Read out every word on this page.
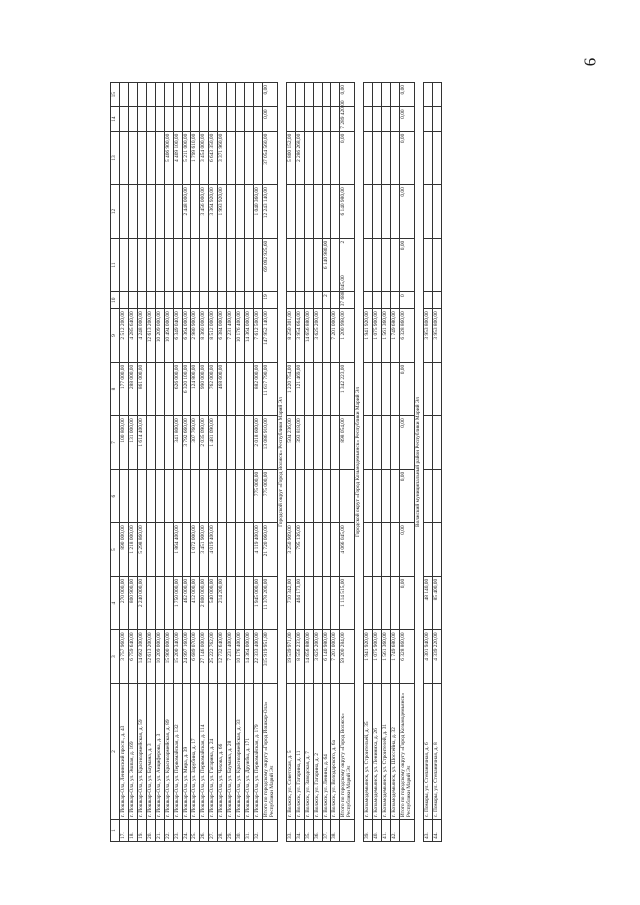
9
1	2	3	4	5	6	7	8	9	10	11	12	13	14	15
17.	г. Йошкар-Ола, Ленинский просп., д. 43	3 757 960,00	270 000,00	890 000,00		100 800,00	177 000,00	2 512 200,00						
18.	г. Йошкар-Ола, ул. Эшпая, д. 169	6 759 640,00	800 900,00	1 218 000,00		131 000,00	288 000,00	4 285 640,00						
19.	г. Йошкар-Ола, ул. Красноармейская, д. 59	14 662 300,00	2 240 000,00	5 298 860,00		1 614 400,00	861 000,00	4 248 000,00						
20.	г. Йошкар-Ола, ул. Баумана, д. 3	12 613 200,00						12 613 200,00						
21.	г. Йошкар-Ола, ул. Анциферова, д. 3	10 209 000,00						10 209 000,00						
22.	г. Йошкар-Ола, ул. Красноармейская, д. 89	15 900 000,00						10 494 000,00				5 406 900,00		
23.	г. Йошкар-Ола, ул. Первомайская, д. 132	15 200 340,00	1 750 000,00	1 864 400,00		341 800,00	626 000,00	6 349 040,00				4 409 100,00		
24.	г. Йошкар-Ола, ул. Мира, д. 39	24 997 160,00	462 000,00			3 792 660,00	6 320 100,00	6 364 000,00			2 448 000,00	5 211 000,00		
25.	г. Йошкар-Ола, ул. Зарубина, д. 17	6 689 070,00	412 000,00	1 072 000,00		307 760,00	124 800,00	2 980 900,00				1 799 610,00		
26.	г. Йошкар-Ола, ул. Первомайская, д. 114	27 146 000,00	2 800 000,00	3 451 900,00		2 035 090,00	990 000,00	8 360 000,00			3 456 000,00	3 454 000,00		
27.	г. Йошкар-Ола, ул. Гагарина, д. 24	25 222 762,00	540 000,00	4 019 400,00		1 481 090,00	762 000,00	8 512 000,00			3 364 920,00	6 643 350,00		
28.	г. Йошкар-Ола, ул. Чехова, д. 66	12 732 640,00	214 200,00				468 600,00	6 384 000,00			1 993 920,00	3 371 960,00		
29.	г. Йошкар-Ола, ул. Баумана, д. 28	7 231 400,00						7 231 400,00						
30.	г. Йошкар-Ола, ул. Красноармейская, д. 33	10 176 400,00						10 176 400,00						
31.	г. Йошкар-Ола, ул. Дружбы, д. 171	14 364 000,00						14 364 000,00						
32.	г. Йошкар-Ола, ул. Первомайская, д. 179	22 333 400,00	1 945 000,00	4 119 400,00	775 000,00	2 018 600,00	882 000,00	7 612 500,00			1 040 360,00			
	Итого по городскому округу «Город Йошкар-Ола» Республики Марий Эл	315 919 951,80	11 378 200,00	21 720 060,00	775 000,00	13 086 910,00	11 617 790,00	147 952 140,00	19	69 092 925,60	12 243 140,00	37 054 560,00	0,00	0,00
Городской округ «Город Волжск» Республики Марий Эл														
33.	г. Волжск, ул. Советская, д. 5	19 539 971,00	710 342,00	3 250 909,00		504 236,00	1 220 754,00	8 250 301,00				5 800 152,00		
34.	г. Волжск, ул. Гагарина, д. 11	8 556 233,00	404 173,00	795 136,00		393 818,00	121 469,00	3 954 664,00				2 286 268,00		
35.	г. Волжск, ул. Заводская, д. 7	14 656 880,00						14 656 880,00						
36.	г. Волжск, ул. Гагарина, д. 2	3 625 200,00						3 625 200,00						
37.	г. Волжск, ул. Ленина, д. 64	6 140 980,00							2	6 140 980,00				
38.	г. Волжск, ул. Володарского, д. 6а	7 201 000,00						7 201 000,00						
	Итого по городскому округу «Город Волжск» Республики Марий Эл	59 200 284,00	1 114 515,00	4 066 045,00		898 054,00	1 342 223,00	1 200 998,00	37 688 045,00	2	6 140 980,00	0,00	7 289 420,00	0,00
Городской округ «Город Козьмодемьянск» Республики Марий Эл														
39.	г. Козьмодемьянск, ул. Строительей, д. 35	1 941 920,00						1 941 920,00						
40.	г. Козьмодемьянск, ул. Лениниха, д. 26	1 075 900,00						1 075 900,00						
41.	г. Козьмодемьянск, ул. Строителей, д. 31	1 561 360,00						1 561 360,00						
42.	г. Козьмодемьянск, ул. Шоссейна, д. 32	1 749 680,00						1 749 680,00						
	Итого по городскому округу «Город Козьмодемьянск» Республики Марий Эл	6 328 860,00	0,00	0,00	0,00	0,00	0,00	6 328 860,00	0	0,00	0,00	0,00	0,00	0,00
Волжский муниципальный район Республики Марий Эл														
43.	с. Помары, ул. Степаничная, д. 6	4 301 940,00	48 140,00					3 953 800,00						
44.	с. Помары, ул. Степаничная, д. 8	4 339 220,00	85 400,00					3 953 800,00						
